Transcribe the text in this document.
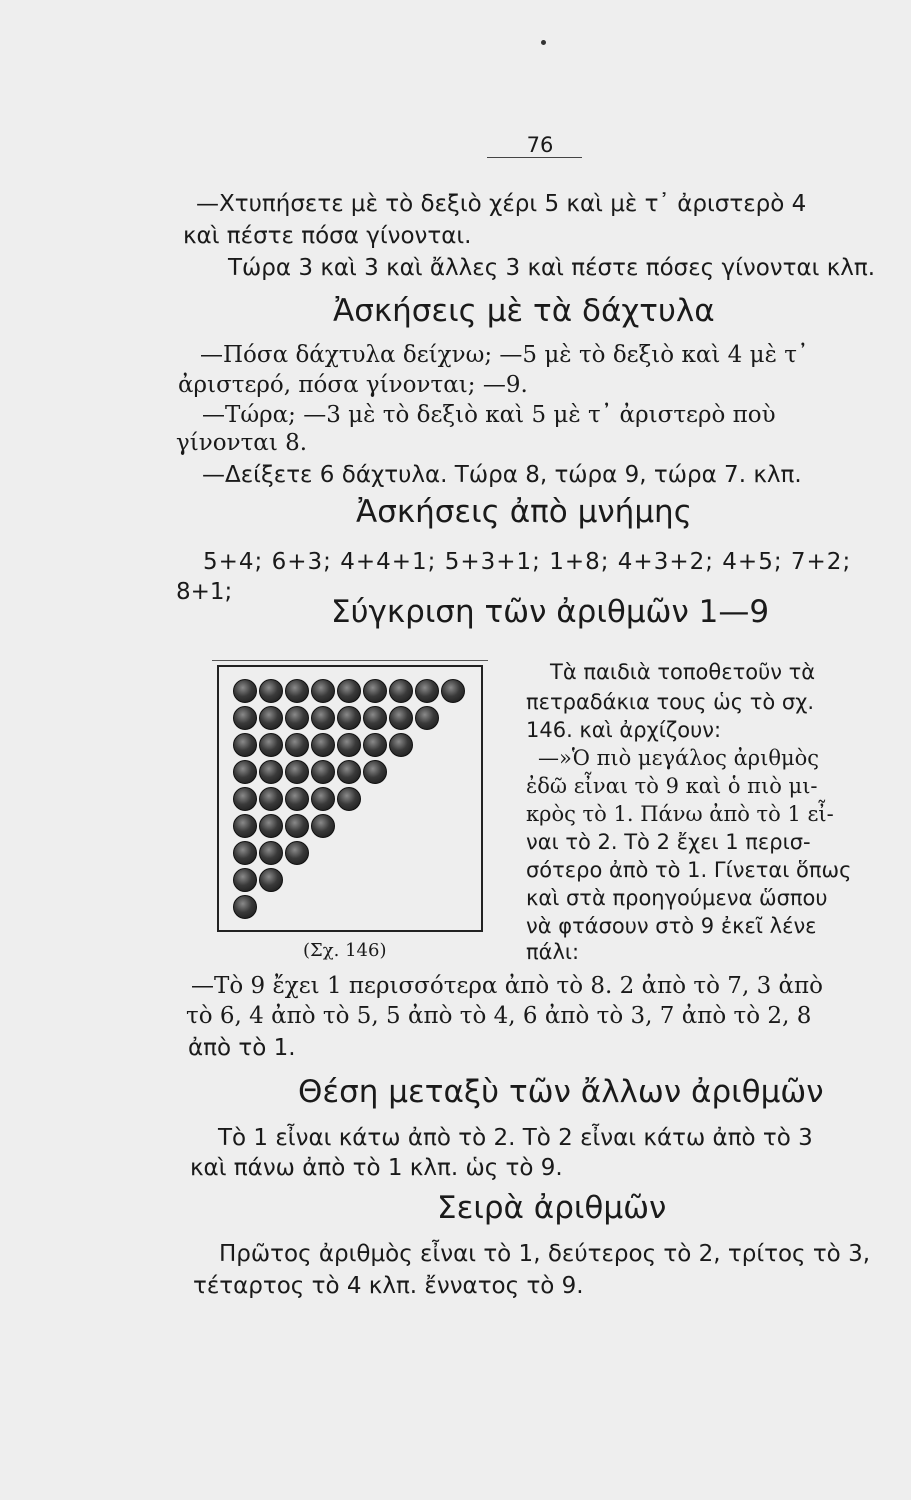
76
—Χτυπήσετε μὲ τὸ δεξιὸ χέρι 5 καὶ μὲ τ᾽ ἀριστερὸ 4
καὶ πέστε πόσα γίνονται.
Τώρα 3 καὶ 3 καὶ ἄλλες 3 καὶ πέστε πόσες γίνονται κλπ.
Ἀσκήσεις μὲ τὰ δάχτυλα
—Πόσα δάχτυλα δείχνω; —5 μὲ τὸ δεξιὸ καὶ 4 μὲ τ᾽
ἀριστερό, πόσα γίνονται; —9.
—Τώρα; —3 μὲ τὸ δεξιὸ καὶ 5 μὲ τ᾽ ἀριστερὸ ποὺ
γίνονται 8.
—Δείξετε 6 δάχτυλα. Τώρα 8, τώρα 9, τώρα 7. κλπ.
Ἀσκήσεις ἀπὸ μνήμης
5+4; 6+3; 4+4+1; 5+3+1; 1+8; 4+3+2; 4+5; 7+2;
8+1;
Σύγκριση τῶν ἀριθμῶν 1—9
(Σχ. 146)
Τὰ παιδιὰ τοποθετοῦν τὰ
πετραδάκια τους ὡς τὸ σχ.
146. καὶ ἀρχίζουν:
—»Ὁ πιὸ μεγάλος ἀριθμὸς
ἐδῶ εἶναι τὸ 9 καὶ ὁ πιὸ μι-
κρὸς τὸ 1. Πάνω ἀπὸ τὸ 1 εἶ-
ναι τὸ 2. Τὸ 2 ἔχει 1 περισ-
σότερο ἀπὸ τὸ 1. Γίνεται ὅπως
καὶ στὰ προηγούμενα ὥσπου
νὰ φτάσουν στὸ 9 ἐκεῖ λένε
πάλι:
—Τὸ 9 ἔχει 1 περισσότερα ἀπὸ τὸ 8. 2 ἀπὸ τὸ 7, 3 ἀπὸ
τὸ 6, 4 ἀπὸ τὸ 5, 5 ἀπὸ τὸ 4, 6 ἀπὸ τὸ 3, 7 ἀπὸ τὸ 2, 8
ἀπὸ τὸ 1.
Θέση μεταξὺ τῶν ἄλλων ἀριθμῶν
Τὸ 1 εἶναι κάτω ἀπὸ τὸ 2. Τὸ 2 εἶναι κάτω ἀπὸ τὸ 3
καὶ πάνω ἀπὸ τὸ 1 κλπ. ὡς τὸ 9.
Σειρὰ ἀριθμῶν
Πρῶτος ἀριθμὸς εἶναι τὸ 1, δεύτερος τὸ 2, τρίτος τὸ 3,
τέταρτος τὸ 4 κλπ. ἔννατος τὸ 9.
